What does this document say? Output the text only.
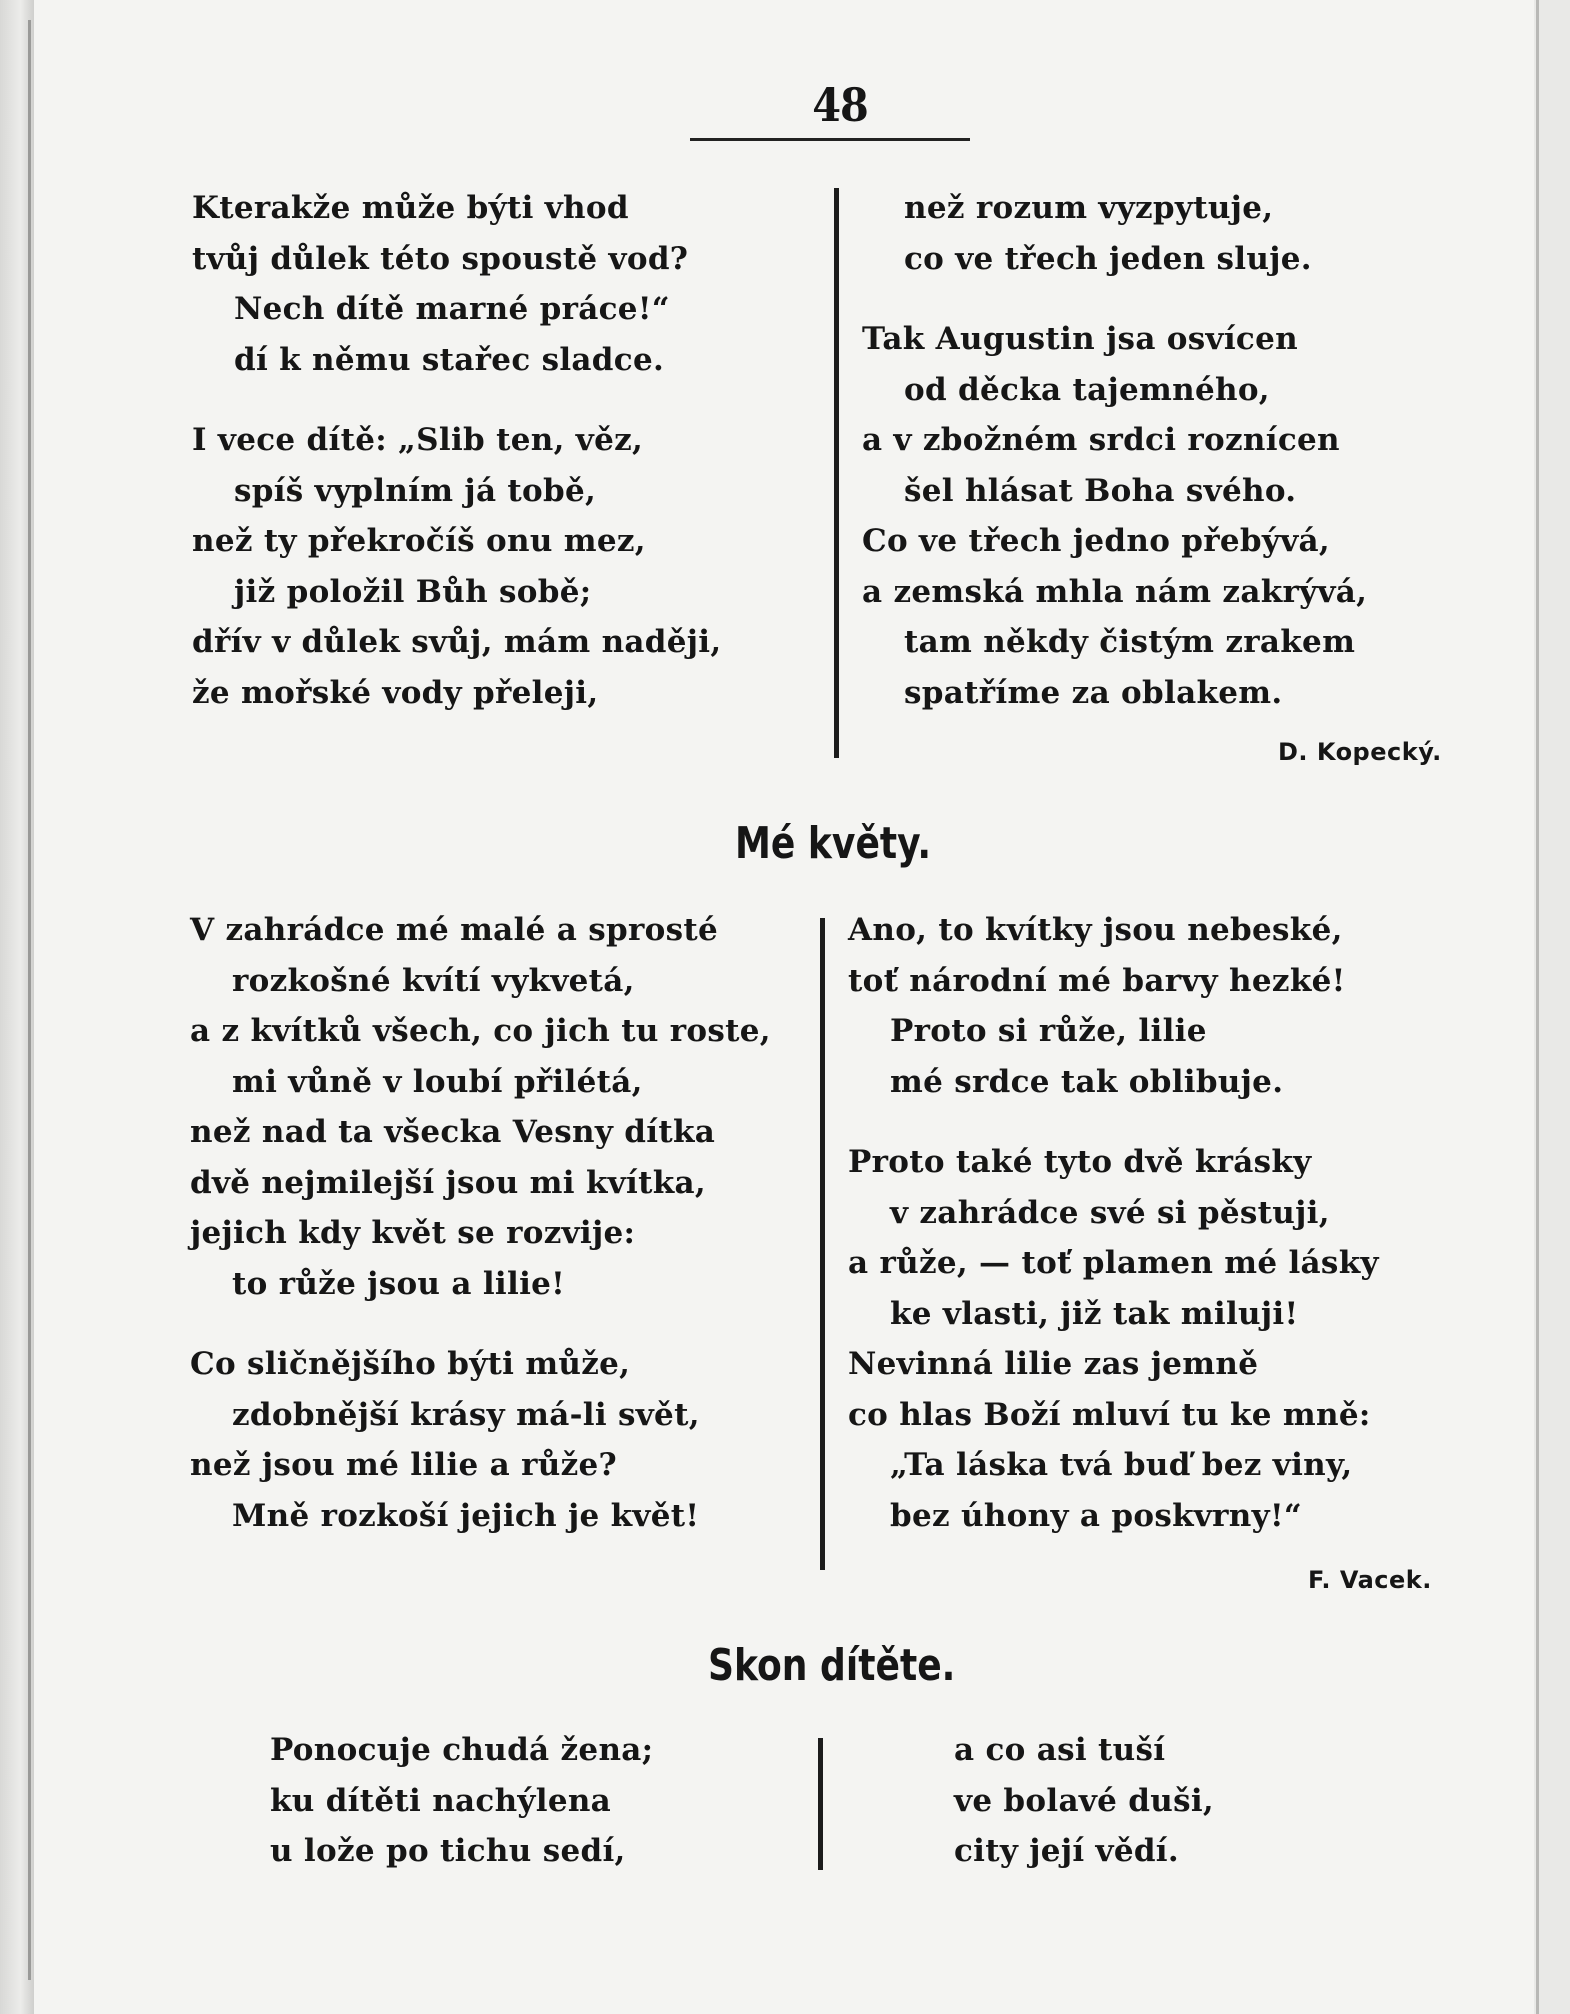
48
Kterakže může býti vhod
tvůj důlek této spoustě vod?
Nech dítě marné práce!“
dí k němu stařec sladce.
I vece dítě: „Slib ten, věz,
spíš vyplním já tobě,
než ty překročíš onu mez,
již položil Bůh sobě;
dřív v důlek svůj, mám naději,
že mořské vody přeleji,
než rozum vyzpytuje,
co ve třech jeden sluje.
Tak Augustin jsa osvícen
od děcka tajemného,
a v zbožném srdci roznícen
šel hlásat Boha svého.
Co ve třech jedno přebývá,
a zemská mhla nám zakrývá,
tam někdy čistým zrakem
spatříme za oblakem.
D. Kopecký.
Mé květy.
V zahrádce mé malé a sprosté
rozkošné kvítí vykvetá,
a z kvítků všech, co jich tu roste,
mi vůně v loubí přilétá,
než nad ta všecka Vesny dítka
dvě nejmilejší jsou mi kvítka,
jejich kdy květ se rozvije:
to růže jsou a lilie!
Co sličnějšího býti může,
zdobnější krásy má-li svět,
než jsou mé lilie a růže?
Mně rozkoší jejich je květ!
Ano, to kvítky jsou nebeské,
toť národní mé barvy hezké!
Proto si růže, lilie
mé srdce tak oblibuje.
Proto také tyto dvě krásky
v zahrádce své si pěstuji,
a růže, — toť plamen mé lásky
ke vlasti, již tak miluji!
Nevinná lilie zas jemně
co hlas Boží mluví tu ke mně:
„Ta láska tvá buď bez viny,
bez úhony a poskvrny!“
F. Vacek.
Skon dítěte.
Ponocuje chudá žena;
ku dítěti nachýlena
u lože po tichu sedí,
a co asi tuší
ve bolavé duši,
city její vědí.
